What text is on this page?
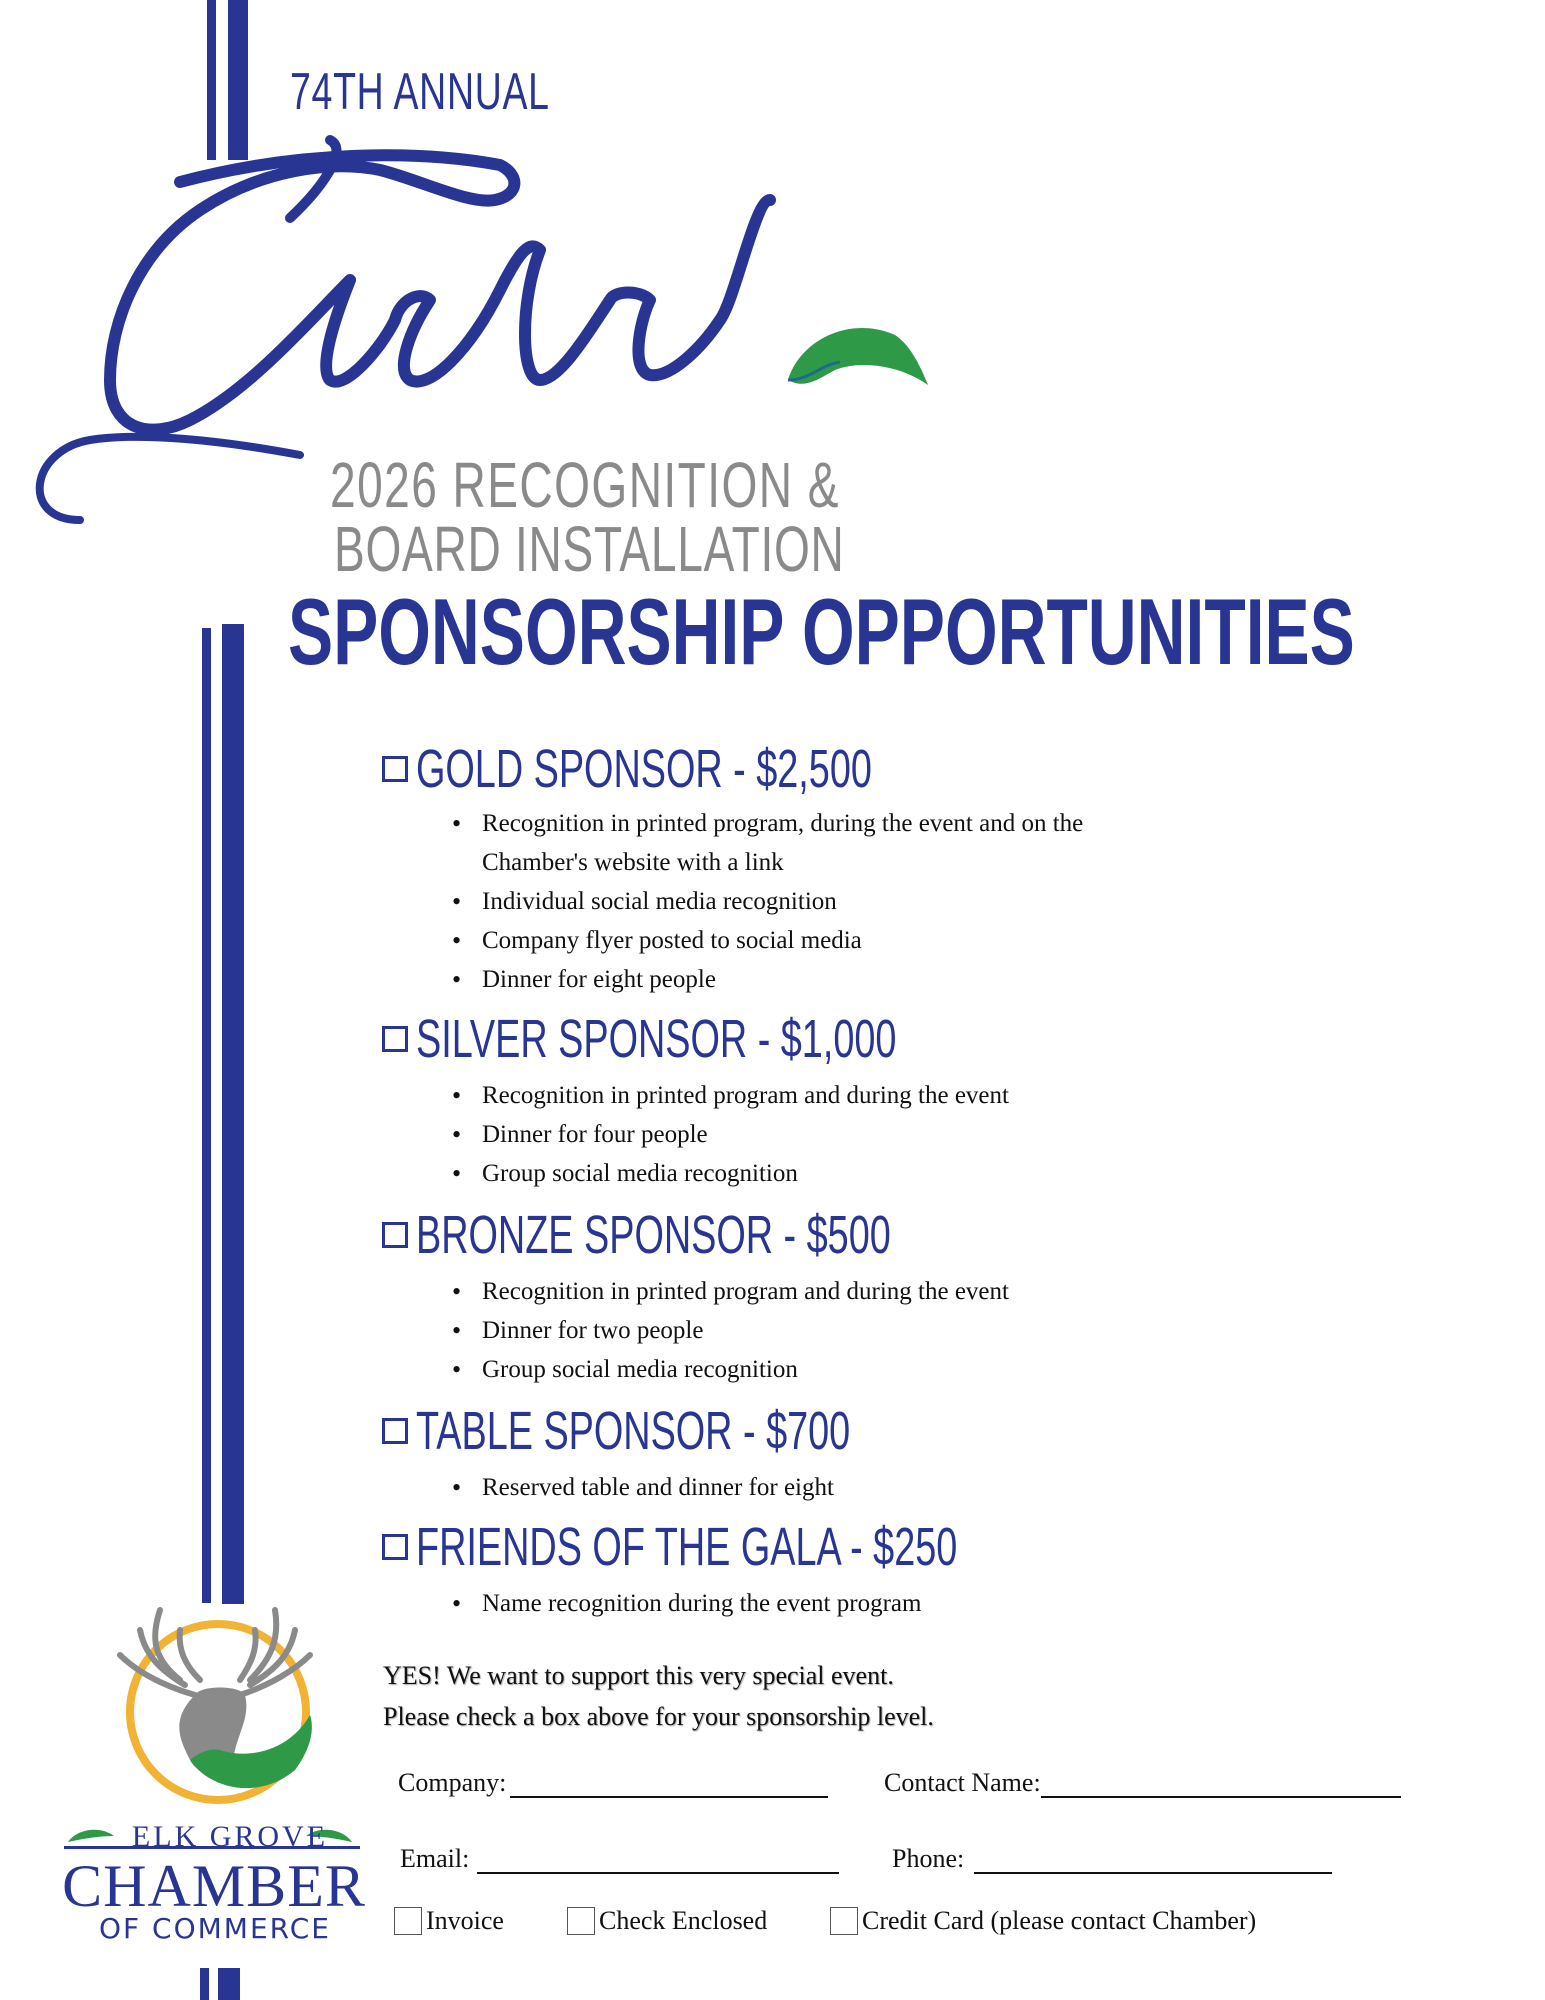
74TH ANNUAL
2026 RECOGNITION &
BOARD INSTALLATION
SPONSORSHIP OPPORTUNITIES
GOLD SPONSOR - $2,500
• Recognition in printed program, during the event and on the
Chamber's website with a link
• Individual social media recognition
• Company flyer posted to social media
• Dinner for eight people
SILVER SPONSOR - $1,000
• Recognition in printed program and during the event
• Dinner for four people
• Group social media recognition
BRONZE SPONSOR - $500
• Recognition in printed program and during the event
• Dinner for two people
• Group social media recognition
TABLE SPONSOR - $700
• Reserved table and dinner for eight
FRIENDS OF THE GALA - $250
• Name recognition during the event program
YES! We want to support this very special event.
Please check a box above for your sponsorship level.
Company:	Contact Name:
Email:	Phone:
Invoice	Check Enclosed	Credit Card (please contact Chamber)
ELK GROVE
CHAMBER
OF COMMERCE
